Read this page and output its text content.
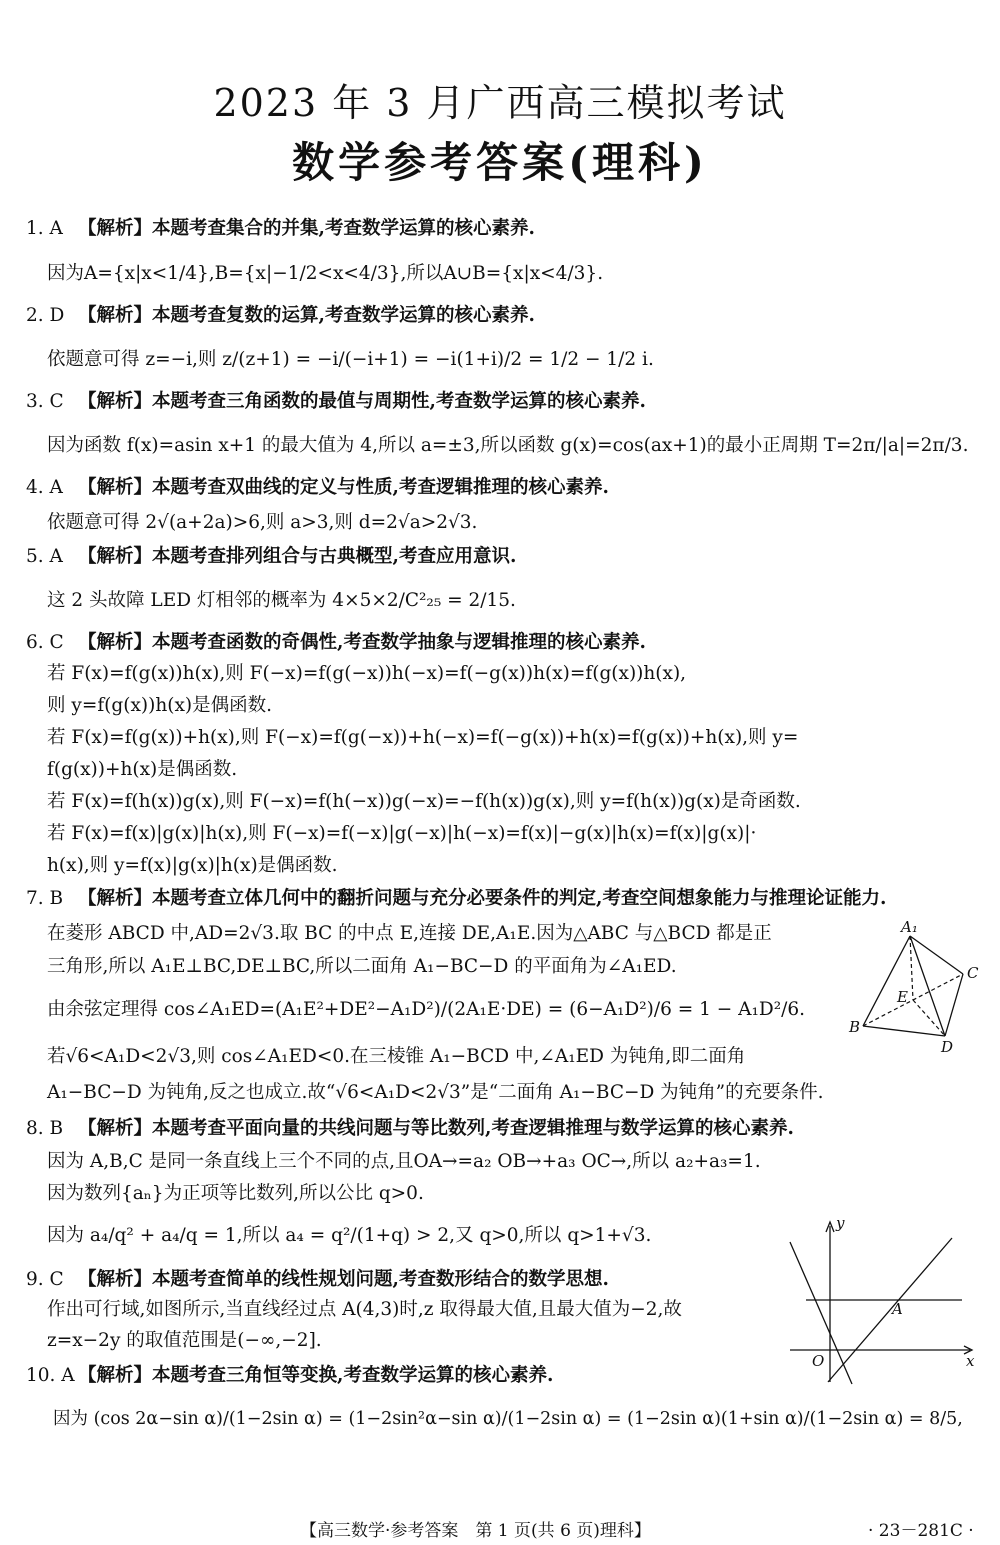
2023 年 3 月广西高三模拟考试
数学参考答案(理科)
1. A 【解析】本题考查集合的并集,考查数学运算的核心素养.
因为A={x|x<1/4},B={x|−1/2<x<4/3},所以A∪B={x|x<4/3}.
2. D 【解析】本题考查复数的运算,考查数学运算的核心素养.
依题意可得 z=−i,则 z/(z+1) = −i/(−i+1) = −i(1+i)/2 = 1/2 − 1/2 i.
3. C 【解析】本题考查三角函数的最值与周期性,考查数学运算的核心素养.
因为函数 f(x)=asin x+1 的最大值为 4,所以 a=±3,所以函数 g(x)=cos(ax+1)的最小正周期 T=2π/|a|=2π/3.
4. A 【解析】本题考查双曲线的定义与性质,考查逻辑推理的核心素养.
依题意可得 2√(a+2a)>6,则 a>3,则 d=2√a>2√3.
5. A 【解析】本题考查排列组合与古典概型,考查应用意识.
这 2 头故障 LED 灯相邻的概率为 4×5×2/C²₂₅ = 2/15.
6. C 【解析】本题考查函数的奇偶性,考查数学抽象与逻辑推理的核心素养.
若 F(x)=f(g(x))h(x),则 F(−x)=f(g(−x))h(−x)=f(−g(x))h(x)=f(g(x))h(x),
则 y=f(g(x))h(x)是偶函数.
若 F(x)=f(g(x))+h(x),则 F(−x)=f(g(−x))+h(−x)=f(−g(x))+h(x)=f(g(x))+h(x),则 y=
f(g(x))+h(x)是偶函数.
若 F(x)=f(h(x))g(x),则 F(−x)=f(h(−x))g(−x)=−f(h(x))g(x),则 y=f(h(x))g(x)是奇函数.
若 F(x)=f(x)|g(x)|h(x),则 F(−x)=f(−x)|g(−x)|h(−x)=f(x)|−g(x)|h(x)=f(x)|g(x)|·
h(x),则 y=f(x)|g(x)|h(x)是偶函数.
7. B 【解析】本题考查立体几何中的翻折问题与充分必要条件的判定,考查空间想象能力与推理论证能力.
在菱形 ABCD 中,AD=2√3.取 BC 的中点 E,连接 DE,A₁E.因为△ABC 与△BCD 都是正
三角形,所以 A₁E⊥BC,DE⊥BC,所以二面角 A₁−BC−D 的平面角为∠A₁ED.
由余弦定理得 cos∠A₁ED=(A₁E²+DE²−A₁D²)/(2A₁E·DE) = (6−A₁D²)/6 = 1 − A₁D²/6.
若√6<A₁D<2√3,则 cos∠A₁ED<0.在三棱锥 A₁−BCD 中,∠A₁ED 为钝角,即二面角
A₁−BC−D 为钝角,反之也成立.故“√6<A₁D<2√3”是“二面角 A₁−BC−D 为钝角”的充要条件.
A₁
C
E
B
D
8. B 【解析】本题考查平面向量的共线问题与等比数列,考查逻辑推理与数学运算的核心素养.
因为 A,B,C 是同一条直线上三个不同的点,且OA→=a₂ OB→+a₃ OC→,所以 a₂+a₃=1.
因为数列{aₙ}为正项等比数列,所以公比 q>0.
因为 a₄/q² + a₄/q = 1,所以 a₄ = q²/(1+q) > 2,又 q>0,所以 q>1+√3.
9. C 【解析】本题考查简单的线性规划问题,考查数形结合的数学思想.
作出可行域,如图所示,当直线经过点 A(4,3)时,z 取得最大值,且最大值为−2,故
z=x−2y 的取值范围是(−∞,−2].
y
x
O
A
10. A 【解析】本题考查三角恒等变换,考查数学运算的核心素养.
因为 (cos 2α−sin α)/(1−2sin α) = (1−2sin²α−sin α)/(1−2sin α) = (1−2sin α)(1+sin α)/(1−2sin α) = 8/5,
【高三数学·参考答案　第 1 页(共 6 页)理科】	· 23－281C ·
